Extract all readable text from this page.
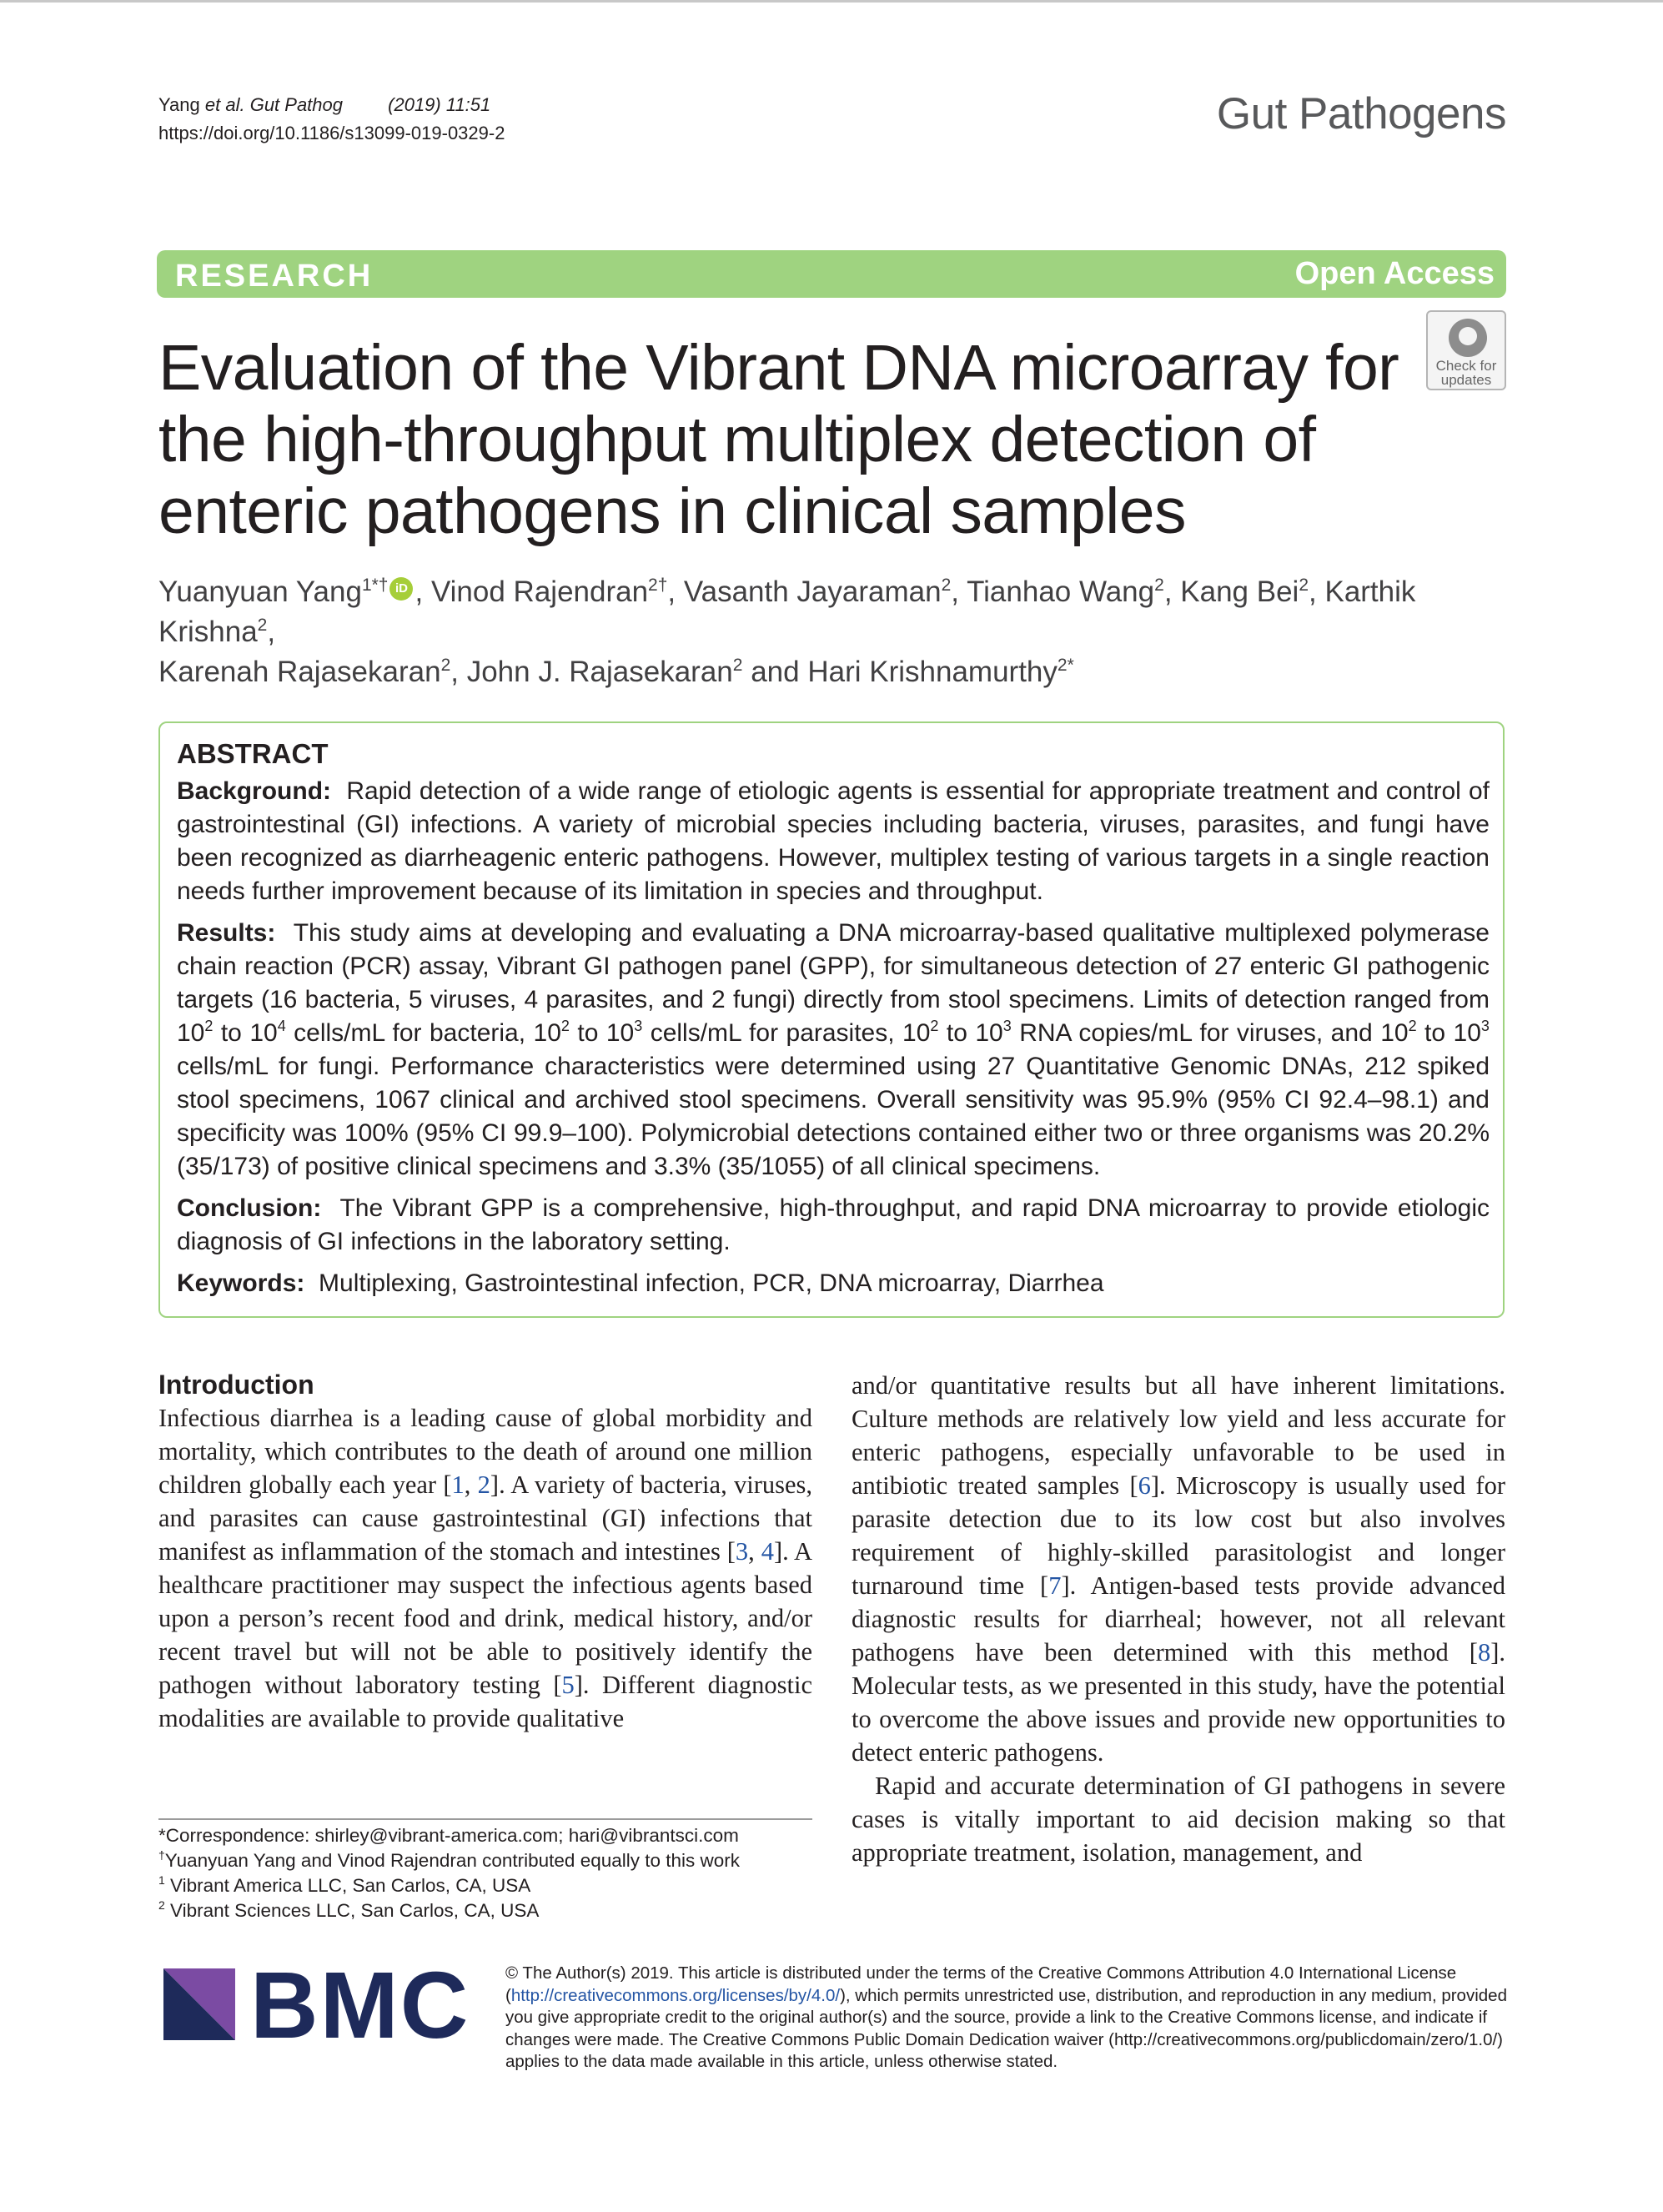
Yang et al. Gut Pathog (2019) 11:51
https://doi.org/10.1186/s13099-019-0329-2	Gut Pathogens
RESEARCH	Open Access
Check for
updates
Evaluation of the Vibrant DNA microarray for the high-throughput multiplex detection of enteric pathogens in clinical samples
Yuanyuan Yang$^{1*\dagger}$iD , Vinod Rajendran$^{2\dagger}$, Vasanth Jayaraman$^2$, Tianhao Wang$^2$, Kang Bei$^2$, Karthik Krishna$^2$,
Karenah Rajasekaran$^2$, John J. Rajasekaran$^2$ and Hari Krishnamurthy$^{2*}$
ABSTRACT

Background: Rapid detection of a wide range of etiologic agents is essential for appropriate treatment and control of gastrointestinal (GI) infections. A variety of microbial species including bacteria, viruses, parasites, and fungi have been recognized as diarrheagenic enteric pathogens. However, multiplex testing of various targets in a single reaction needs further improvement because of its limitation in species and throughput.

Results: This study aims at developing and evaluating a DNA microarray-based qualitative multiplexed polymerase chain reaction (PCR) assay, Vibrant GI pathogen panel (GPP), for simultaneous detection of 27 enteric GI pathogenic targets (16 bacteria, 5 viruses, 4 parasites, and 2 fungi) directly from stool specimens. Limits of detection ranged from $10^2$ to $10^4$ cells/mL for bacteria, $10^2$ to $10^3$ cells/mL for parasites, $10^2$ to $10^3$ RNA copies/mL for viruses, and $10^2$ to $10^3$ cells/mL for fungi. Performance characteristics were determined using 27 Quantitative Genomic DNAs, 212 spiked stool specimens, 1067 clinical and archived stool specimens. Overall sensitivity was 95.9% (95% CI 92.4–98.1) and specificity was 100% (95% CI 99.9–100). Polymicrobial detections contained either two or three organisms was 20.2% (35/173) of positive clinical specimens and 3.3% (35/1055) of all clinical specimens.

Conclusion: The Vibrant GPP is a comprehensive, high-throughput, and rapid DNA microarray to provide etiologic diagnosis of GI infections in the laboratory setting.

Keywords: Multiplexing, Gastrointestinal infection, PCR, DNA microarray, Diarrhea

Introduction

Infectious diarrhea is a leading cause of global morbidity and mortality, which contributes to the death of around one million children globally each year [1, 2]. A variety of bacteria, viruses, and parasites can cause gastrointestinal (GI) infections that manifest as inflammation of the stomach and intestines [3, 4]. A healthcare practitioner may suspect the infectious agents based upon a person’s recent food and drink, medical history, and/or recent travel but will not be able to positively identify the pathogen without laboratory testing [5]. Different diagnostic modalities are available to provide qualitative

and/or quantitative results but all have inherent limitations. Culture methods are relatively low yield and less accurate for enteric pathogens, especially unfavorable to be used in antibiotic treated samples [6]. Microscopy is usually used for parasite detection due to its low cost but also involves requirement of highly-skilled parasitologist and longer turnaround time [7]. Antigen-based tests provide advanced diagnostic results for diarrheal; however, not all relevant pathogens have been determined with this method [8]. Molecular tests, as we presented in this study, have the potential to overcome the above issues and provide new opportunities to detect enteric pathogens.

Rapid and accurate determination of GI pathogens in severe cases is vitally important to aid decision making so that appropriate treatment, isolation, management, and

*Correspondence: shirley@vibrant-america.com; hari@vibrantsci.com
†Yuanyuan Yang and Vinod Rajendran contributed equally to this work
$^1$ Vibrant America LLC, San Carlos, CA, USA
$^2$ Vibrant Sciences LLC, San Carlos, CA, USA
BMC © The Author(s) 2019. This article is distributed under the terms of the Creative Commons Attribution 4.0 International License (http://creativecommons.org/licenses/by/4.0/), which permits unrestricted use, distribution, and reproduction in any medium, provided you give appropriate credit to the original author(s) and the source, provide a link to the Creative Commons license, and indicate if changes were made. The Creative Commons Public Domain Dedication waiver (http://creativecommons.org/publicdomain/zero/1.0/) applies to the data made available in this article, unless otherwise stated.
